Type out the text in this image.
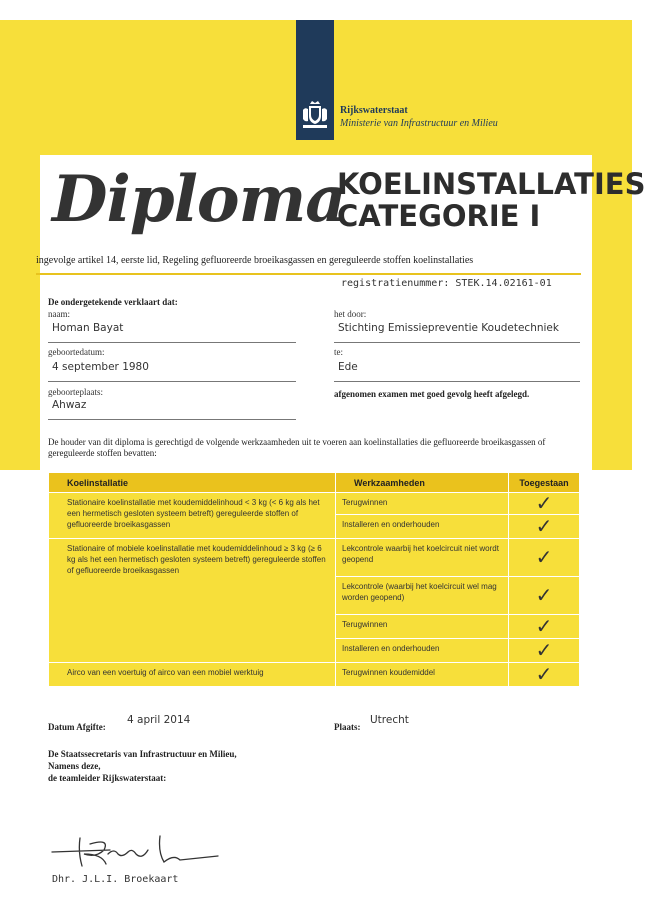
Rijkswaterstaat
Ministerie van Infrastructuur en Milieu
Diploma
KOELINSTALLATIES
CATEGORIE I
ingevolge artikel 14, eerste lid, Regeling gefluoreerde broeikasgassen en gereguleerde stoffen koelinstallaties
registratienummer: STEK.14.02161-01
De ondergetekende verklaart dat:
naam:
Homan Bayat
geboortedatum:
4 september 1980
geboorteplaats:
Ahwaz
het door:
Stichting Emissiepreventie Koudetechniek
te:
Ede
afgenomen examen met goed gevolg heeft afgelegd.
De houder van dit diploma is gerechtigd de volgende werkzaamheden uit te voeren aan koelinstallaties die gefluoreerde broeikasgassen of gereguleerde stoffen bevatten:
Koelinstallatie	Werkzaamheden	Toegestaan
Stationaire koelinstallatie met koudemiddelinhoud < 3 kg (< 6 kg als het een hermetisch gesloten systeem betreft) gereguleerde stoffen of gefluoreerde broeikasgassen	Terugwinnen	✓
	Installeren en onderhouden	✓
Stationaire of mobiele koelinstallatie met koudemiddelinhoud ≥ 3 kg (≥ 6 kg als het een hermetisch gesloten systeem betreft) gereguleerde stoffen of gefluoreerde broeikasgassen	Lekcontrole waarbij het koelcircuit niet wordt geopend	✓
	Lekcontrole (waarbij het koelcircuit wel mag worden geopend)	✓
	Terugwinnen	✓
	Installeren en onderhouden	✓
Airco van een voertuig of airco van een mobiel werktuig	Terugwinnen koudemiddel	✓
Datum Afgifte:
4 april 2014
Plaats:
Utrecht
De Staatssecretaris van Infrastructuur en Milieu,
Namens deze,
de teamleider Rijkswaterstaat:
Dhr. J.L.I. Broekaart
